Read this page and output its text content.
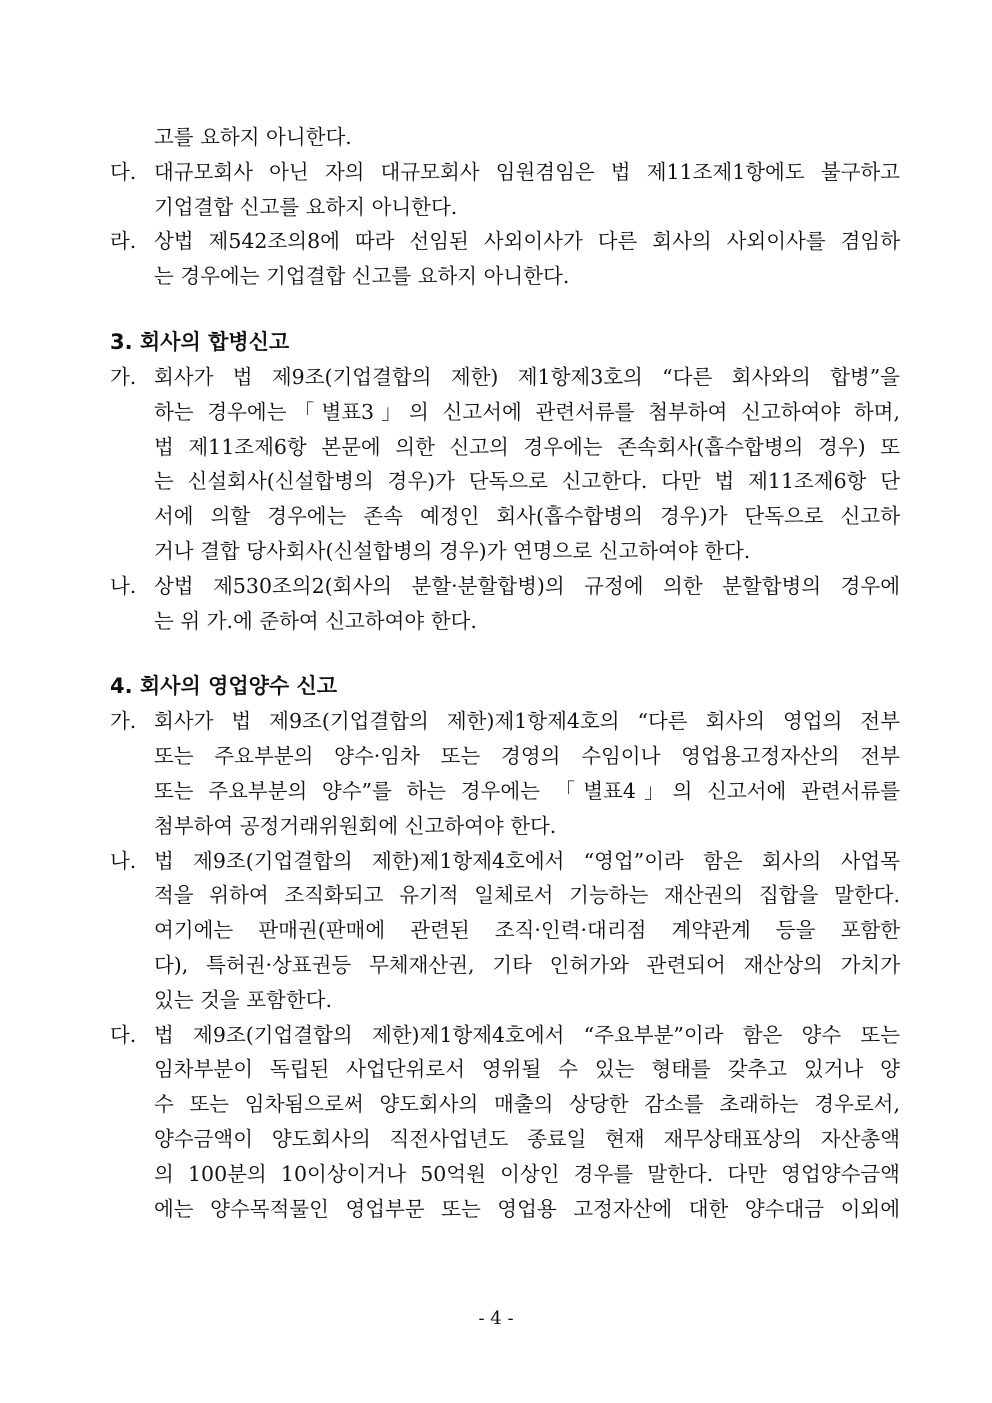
고를 요하지 아니한다.
다. 대규모회사 아닌 자의 대규모회사 임원겸임은 법 제11조제1항에도 불구하고
기업결합 신고를 요하지 아니한다.
라. 상법 제542조의8에 따라 선임된 사외이사가 다른 회사의 사외이사를 겸임하
는 경우에는 기업결합 신고를 요하지 아니한다.
3. 회사의 합병신고
가. 회사가 법 제9조(기업결합의 제한) 제1항제3호의 “다른 회사와의 합병”을
하는 경우에는「별표3」의 신고서에 관련서류를 첨부하여 신고하여야 하며,
법 제11조제6항 본문에 의한 신고의 경우에는 존속회사(흡수합병의 경우) 또
는 신설회사(신설합병의 경우)가 단독으로 신고한다. 다만 법 제11조제6항 단
서에 의할 경우에는 존속 예정인 회사(흡수합병의 경우)가 단독으로 신고하
거나 결합 당사회사(신설합병의 경우)가 연명으로 신고하여야 한다.
나. 상법 제530조의2(회사의 분할·분할합병)의 규정에 의한 분할합병의 경우에
는 위 가.에 준하여 신고하여야 한다.
4. 회사의 영업양수 신고
가. 회사가 법 제9조(기업결합의 제한)제1항제4호의 “다른 회사의 영업의 전부
또는 주요부분의 양수·임차 또는 경영의 수임이나 영업용고정자산의 전부
또는 주요부분의 양수”를 하는 경우에는 「별표4」의 신고서에 관련서류를
첨부하여 공정거래위원회에 신고하여야 한다.
나. 법 제9조(기업결합의 제한)제1항제4호에서 “영업”이라 함은 회사의 사업목
적을 위하여 조직화되고 유기적 일체로서 기능하는 재산권의 집합을 말한다.
여기에는 판매권(판매에 관련된 조직·인력·대리점 계약관계 등을 포함한
다), 특허권·상표권등 무체재산권, 기타 인허가와 관련되어 재산상의 가치가
있는 것을 포함한다.
다. 법 제9조(기업결합의 제한)제1항제4호에서 “주요부분”이라 함은 양수 또는
임차부분이 독립된 사업단위로서 영위될 수 있는 형태를 갖추고 있거나 양
수 또는 임차됨으로써 양도회사의 매출의 상당한 감소를 초래하는 경우로서,
양수금액이 양도회사의 직전사업년도 종료일 현재 재무상태표상의 자산총액
의 100분의 10이상이거나 50억원 이상인 경우를 말한다. 다만 영업양수금액
에는 양수목적물인 영업부문 또는 영업용 고정자산에 대한 양수대금 이외에
- 4 -
